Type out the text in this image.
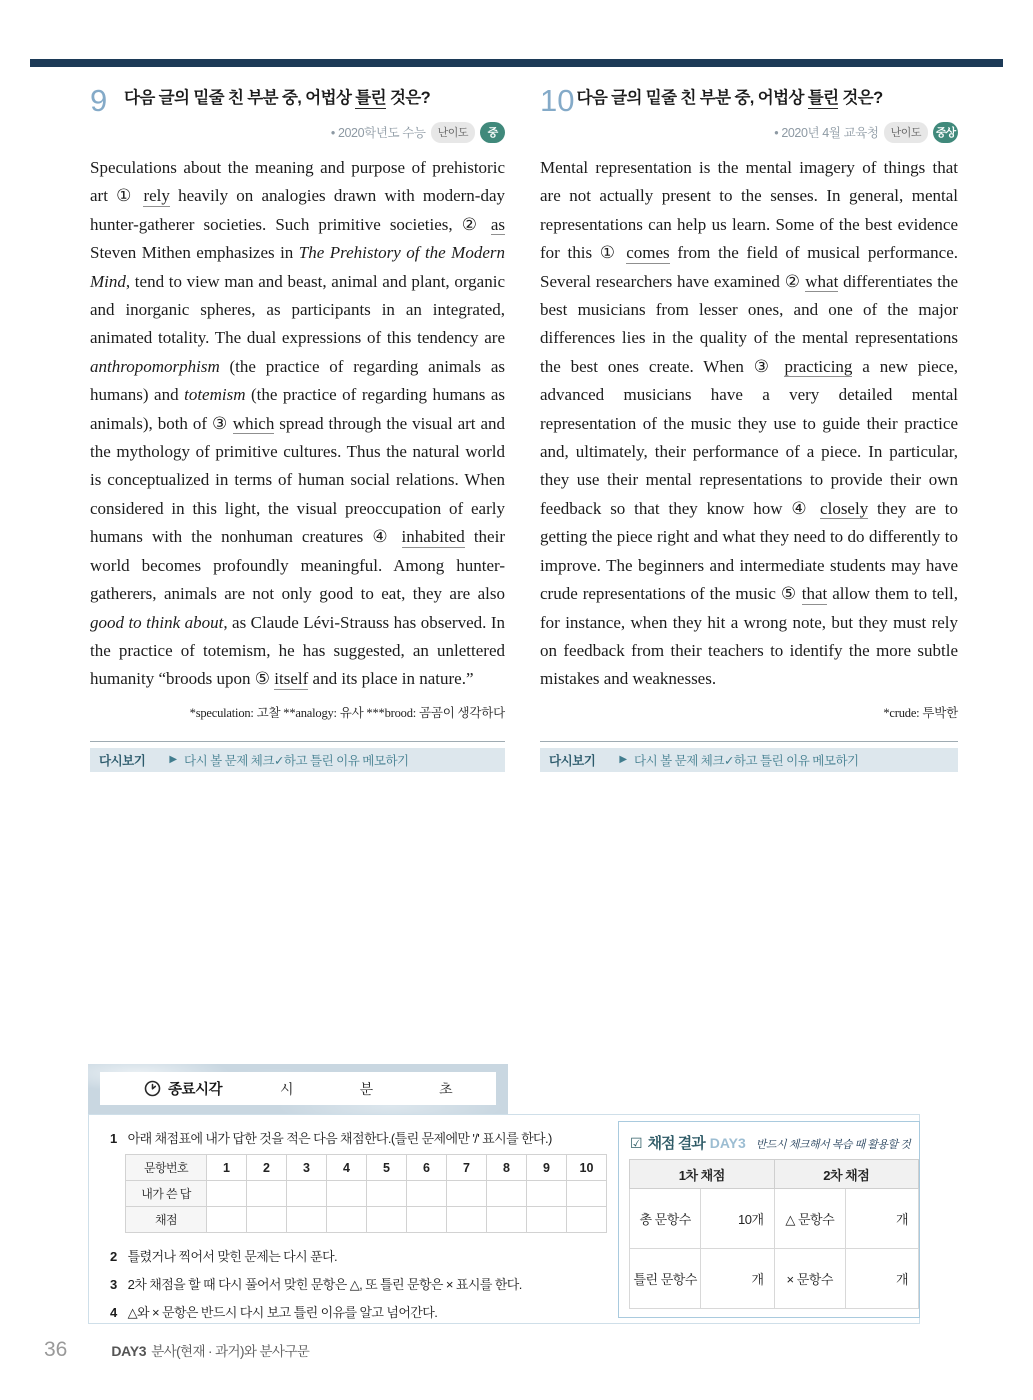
9	다음 글의 밑줄 친 부분 중, 어법상 틀린 것은?
• 2020학년도 수능	난이도	중

Speculations about the meaning and purpose of prehistoric art ① rely heavily on analogies drawn with modern-day hunter-gatherer societies. Such primitive societies, ② as Steven Mithen emphasizes in The Prehistory of the Modern Mind, tend to view man and beast, animal and plant, organic and inorganic spheres, as participants in an integrated, animated totality. The dual expressions of this tendency are anthropomorphism (the practice of regarding animals as humans) and totemism (the practice of regarding humans as animals), both of ③ which spread through the visual art and the mythology of primitive cultures. Thus the natural world is conceptualized in terms of human social relations. When considered in this light, the visual preoccupation of early humans with the nonhuman creatures ④ inhabited their world becomes profoundly meaningful. Among hunter-gatherers, animals are not only good to eat, they are also good to think about, as Claude Lévi-Strauss has observed. In the practice of totemism, he has suggested, an unlettered humanity “broods upon ⑤ itself and its place in nature.”

*speculation: 고찰 **analogy: 유사 ***brood: 곰곰이 생각하다

다시보기 ▶ 다시 볼 문제 체크✓하고 틀린 이유 메모하기
10 다음 글의 밑줄 친 부분 중, 어법상 틀린 것은?
• 2020년 4월 교육청	난이도	중상

Mental representation is the mental imagery of things that are not actually present to the senses. In general, mental representations can help us learn. Some of the best evidence for this ① comes from the field of musical performance. Several researchers have examined ② what differentiates the best musicians from lesser ones, and one of the major differences lies in the quality of the mental representations the best ones create. When ③ practicing a new piece, advanced musicians have a very detailed mental representation of the music they use to guide their practice and, ultimately, their performance of a piece. In particular, they use their mental representations to provide their own feedback so that they know how ④ closely they are to getting the piece right and what they need to do differently to improve. The beginners and intermediate students may have crude representations of the music ⑤ that allow them to tell, for instance, when they hit a wrong note, but they must rely on feedback from their teachers to identify the more subtle mistakes and weaknesses.

*crude: 투박한

다시보기 ▶ 다시 볼 문제 체크✓하고 틀린 이유 메모하기
종료시각	시	분	초
1 아래 채점표에 내가 답한 것을 적은 다음 채점한다.(틀린 문제에만 '/' 표시를 한다.)
문항번호	1	2	3	4	5	6	7	8	9	10
내가 쓴 답										
채점										
2 틀렸거나 찍어서 맞힌 문제는 다시 푼다.
3 2차 채점을 할 때 다시 풀어서 맞힌 문항은 △, 또 틀린 문항은 × 표시를 한다.
4 △와 × 문항은 반드시 다시 보고 틀린 이유를 알고 넘어간다.
☑ 채점 결과 DAY3 반드시 체크해서 복습 때 활용할 것
1차 채점		2차 채점	
총 문항수	10개	△ 문항수	개
틀린 문항수	개	× 문항수	개
36	DAY3 분사(현재 · 과거)와 분사구문
